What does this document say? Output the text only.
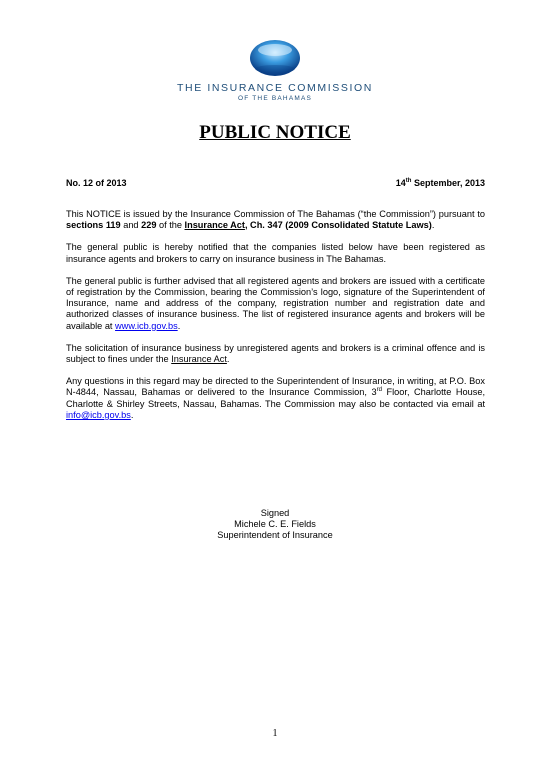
THE INSURANCE COMMISSION
OF THE BAHAMAS
PUBLIC NOTICE
No. 12 of 2013	14th September, 2013

This NOTICE is issued by the Insurance Commission of The Bahamas (“the Commission”) pursuant to sections 119 and 229 of the Insurance Act, Ch. 347 (2009 Consolidated Statute Laws).

The general public is hereby notified that the companies listed below have been registered as insurance agents and brokers to carry on insurance business in The Bahamas.

The general public is further advised that all registered agents and brokers are issued with a certificate of registration by the Commission, bearing the Commission’s logo, signature of the Superintendent of Insurance, name and address of the company, registration number and registration date and authorized classes of insurance business. The list of registered insurance agents and brokers will be available at www.icb.gov.bs.

The solicitation of insurance business by unregistered agents and brokers is a criminal offence and is subject to fines under the Insurance Act.

Any questions in this regard may be directed to the Superintendent of Insurance, in writing, at P.O. Box N-4844, Nassau, Bahamas or delivered to the Insurance Commission, 3rd Floor, Charlotte House, Charlotte & Shirley Streets, Nassau, Bahamas. The Commission may also be contacted via email at info@icb.gov.bs.

Signed
Michele C. E. Fields
Superintendent of Insurance
1
